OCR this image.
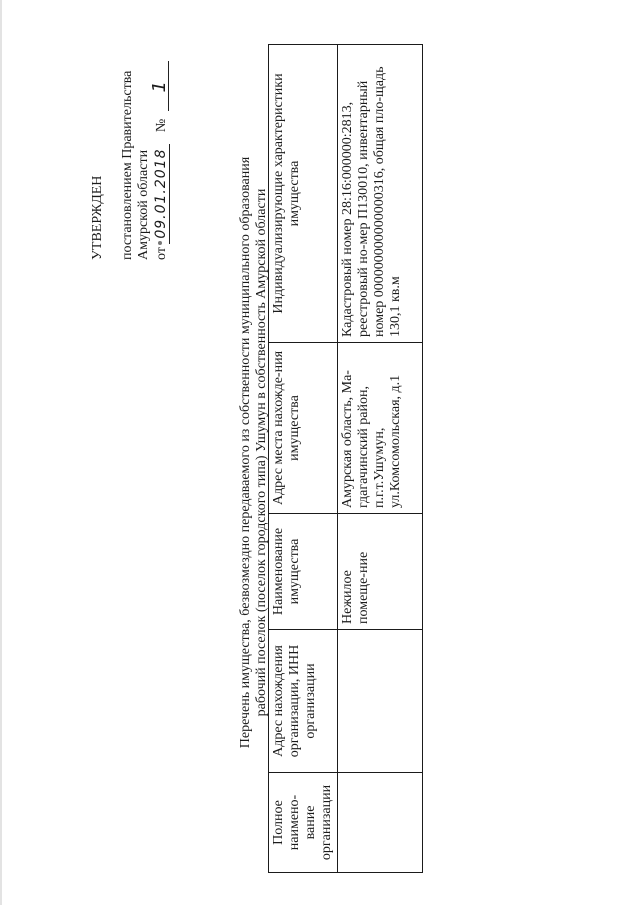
УТВЕРЖДЕН постановлением Правительства Амурской области от 09.01.2018 № 1
Перечень имущества, безвозмездно передаваемого из собственности муниципального образования рабочий поселок (поселок городского типа) Ушумун в собственность Амурской области
Полное наимено-вание организации	Адрес нахождения организации, ИНН организации	Наименование имущества	Адрес места нахожде-ния имущества	Индивидуализирующие характеристики имущества
		Нежилое помеще-ние	Амурская область, Ма-гдагачинский район, п.г.т.Ушумун, ул.Комсомольская, д.1	Кадастровый номер 28:16:000000:2813, реестровый но-мер П130010, инвентарный номер 000000000000000316, общая пло-щадь 130,1 кв.м
